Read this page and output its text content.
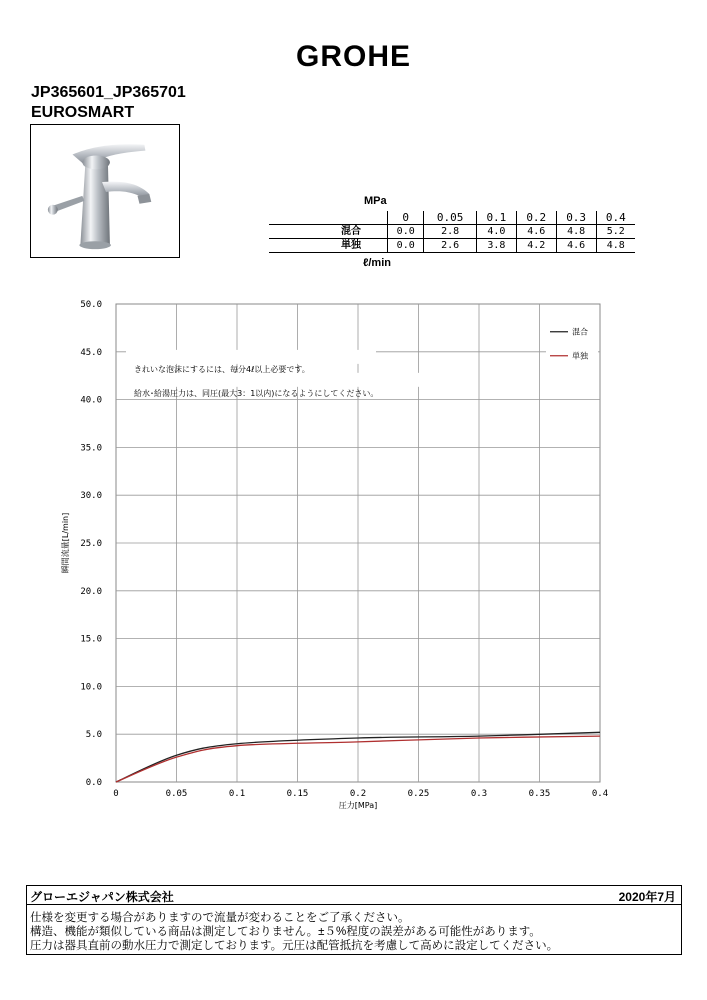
GROHE
JP365601_JP365701
EUROSMART
MPa
	0	0.05	0.1	0.2	0.3	0.4
混合	0.0	2.8	4.0	4.6	4.8	5.2
単独	0.0	2.6	3.8	4.2	4.6	4.8
ℓ/min
0	0.05	0.1	0.15	0.2	0.25	0.3	0.35	0.4
0.0
5.0
10.0
15.0
20.0
25.0
30.0
35.0
40.0
45.0
50.0
きれいな泡沫にするには、毎分4ℓ以上必要です。
給水･給湯圧力は、同圧(最大3：1以内)になるようにしてください。
混合
単独
圧力[MPa]
瞬間流量[L/min]
グローエジャパン株式会社	2020年7月
仕様を変更する場合がありますので流量が変わることをご了承ください。
構造、機能が類似している商品は測定しておりません。±５%程度の誤差がある可能性があります。
圧力は器具直前の動水圧力で測定しております。元圧は配管抵抗を考慮して高めに設定してください。
